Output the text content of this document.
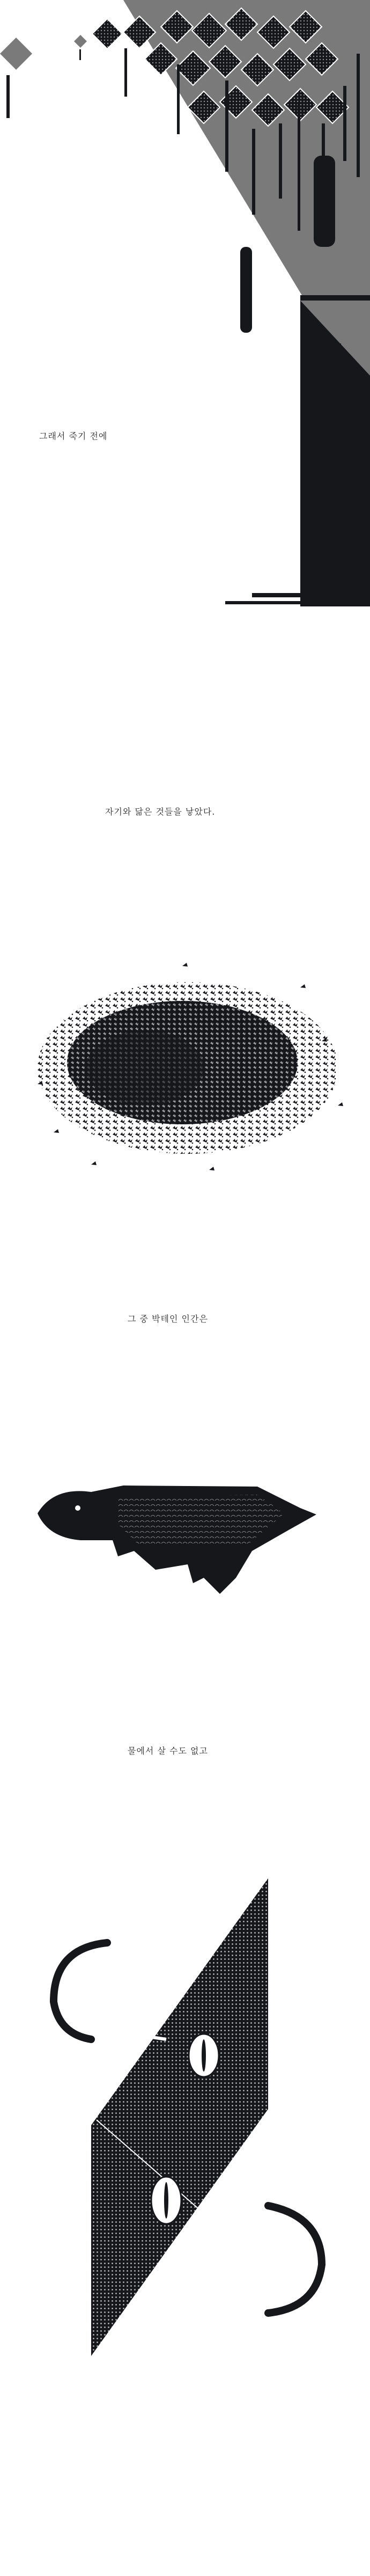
그래서 죽기 전에
자기와 닮은 것들을 낳았다.
그 중 박테인 인간은
물에서 살 수도 없고
